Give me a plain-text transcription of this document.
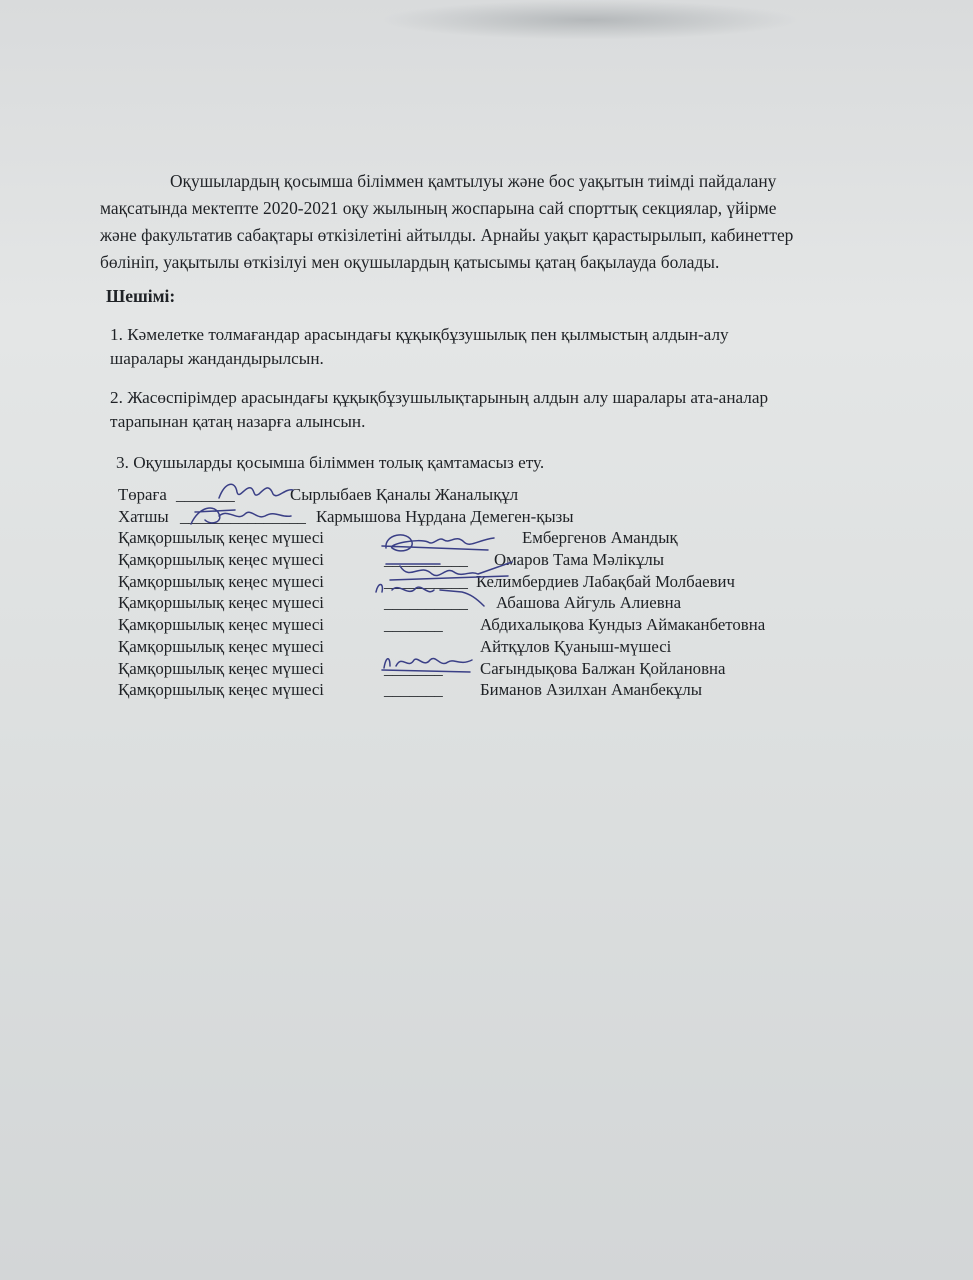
Оқушылардың қосымша біліммен қамтылуы және бос уақытын тиімді пайдалану
мақсатында мектепте 2020-2021 оқу жылының жоспарына сай спорттық секциялар, үйірме
және факультатив сабақтары өткізілетіні айтылды. Арнайы уақыт қарастырылып, кабинеттер
бөлініп, уақытылы өткізілуі мен оқушылардың қатысымы қатаң бақылауда болады.

Шешімі:
1. Кәмелетке толмағандар арасындағы құқықбұзушылық пен қылмыстың алдын-алу
шаралары жандандырылсын.
2. Жасөспірімдер арасындағы құқықбұзушылықтарының алдын алу шаралары ата-аналар
тарапынан қатаң назарға алынсын.
3. Оқушыларды қосымша біліммен толық қамтамасыз ету.
Төраға _______	Сырлыбаев Қаналы Жаналықұл
Хатшы _______________ Кармышова Нұрдана Демеген-қызы
Қамқоршылық кеңес мүшесі	Ембергенов Амандық
Қамқоршылық кеңес мүшесі	__________ Омаров Тама Мәлікұлы
Қамқоршылық кеңес мүшесі	__________ Келимбердиев Лабақбай Молбаевич
Қамқоршылық кеңес мүшесі	__________ Абашова Айгуль Алиевна
Қамқоршылық кеңес мүшесі	_______ Абдихалықова Кундыз Аймаканбетовна
Қамқоршылық кеңес мүшесі	Айтқұлов Қуаныш-мүшесі
Қамқоршылық кеңес мүшесі	_______ Сағындықова Балжан Қойлановна
Қамқоршылық кеңес мүшесі	_______ Биманов Азилхан Аманбекұлы
